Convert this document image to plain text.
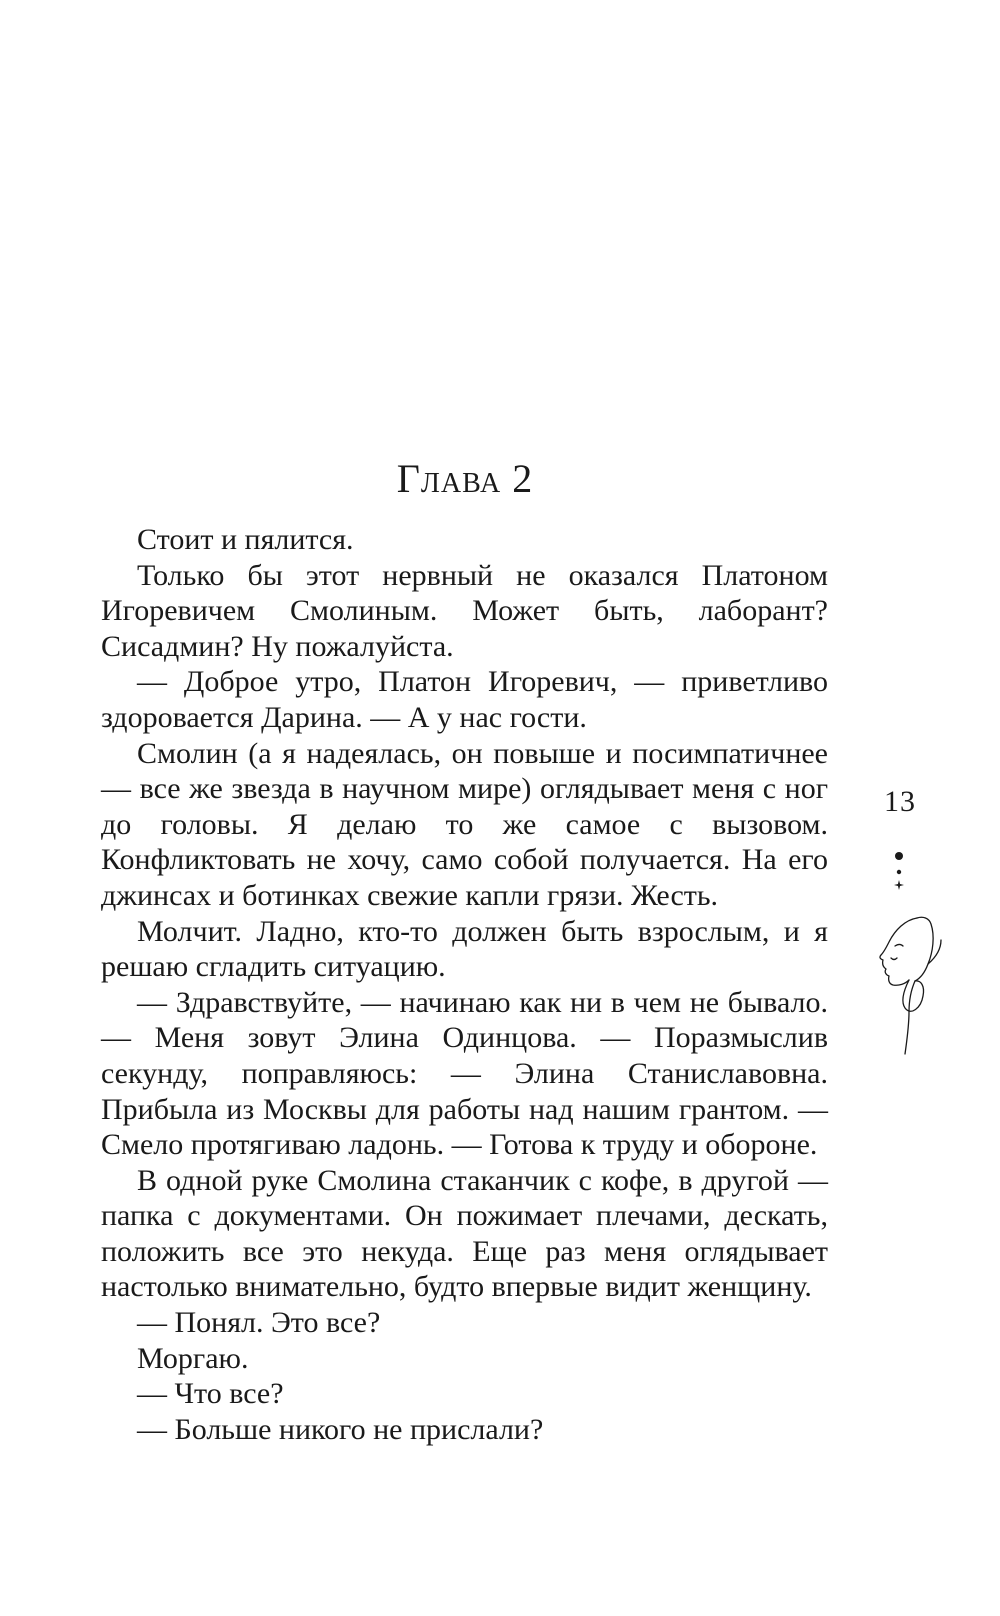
Глава 2

Стоит и пялится.

Только бы этот нервный не оказался Платоном Игоревичем Смолиным. Может быть, лаборант? Сисадмин? Ну пожалуйста.

— Доброе утро, Платон Игоревич, — приветливо здоровается Дарина. — А у нас гости.

Смолин (а я надеялась, он повыше и посимпатичнее — все же звезда в научном мире) оглядывает меня с ног до головы. Я делаю то же самое с вызовом. Конфликтовать не хочу, само собой получается. На его джинсах и ботинках свежие капли грязи. Жесть.

Молчит. Ладно, кто-то должен быть взрослым, и я решаю сгладить ситуацию.

— Здравствуйте, — начинаю как ни в чем не бывало. — Меня зовут Элина Одинцова. — Поразмыслив секунду, поправляюсь: — Элина Станиславовна. Прибыла из Москвы для работы над нашим грантом. — Смело протягиваю ладонь. — Готова к труду и обороне.

В одной руке Смолина стаканчик с кофе, в другой — папка с документами. Он пожимает плечами, дескать, положить все это некуда. Еще раз меня оглядывает настолько внимательно, будто впервые видит женщину.

— Понял. Это все?

Моргаю.

— Что все?

— Больше никого не прислали?

13
